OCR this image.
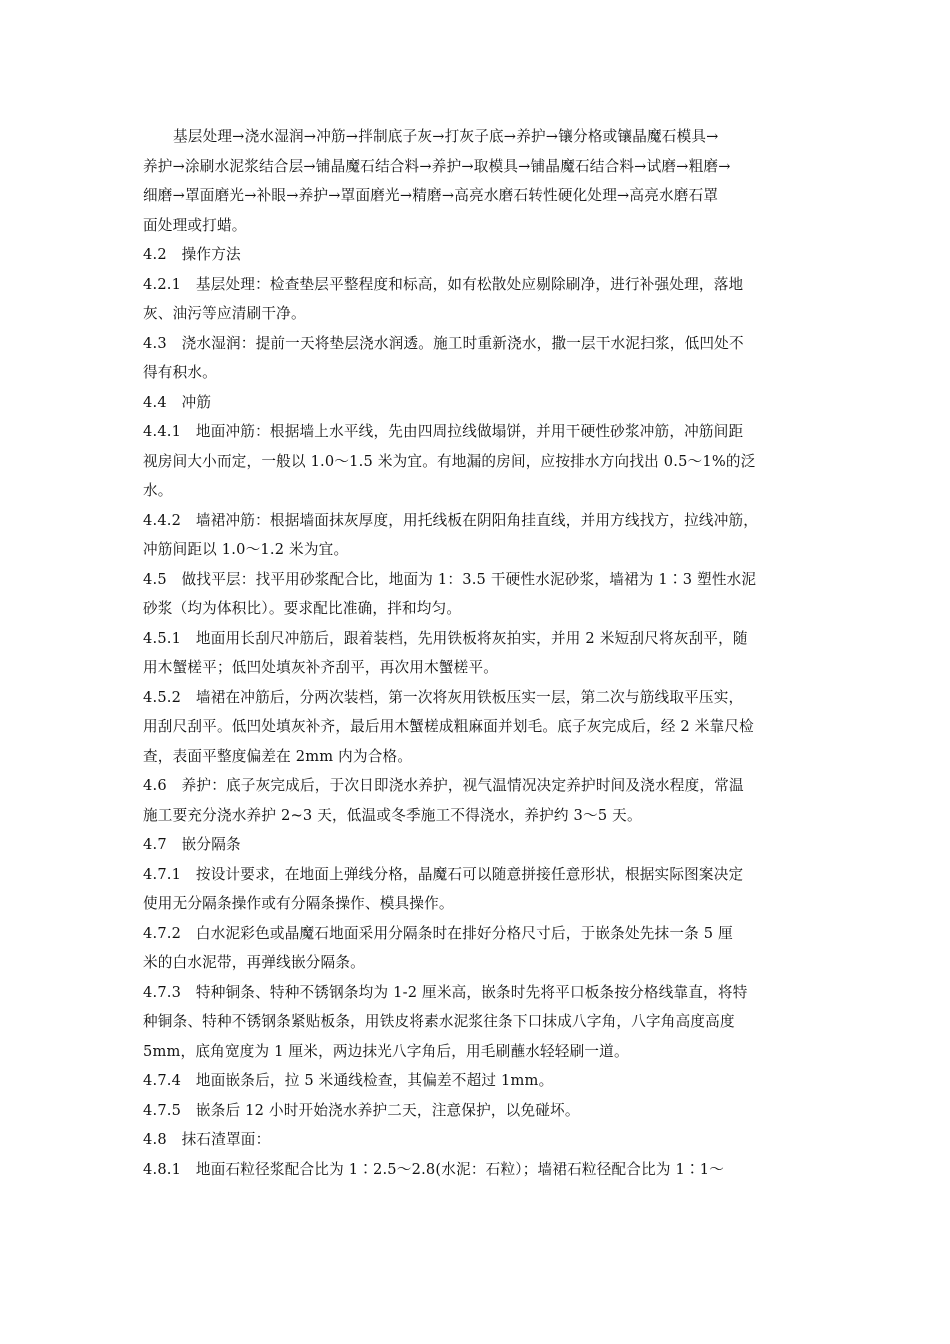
基层处理→浇水湿润→冲筋→拌制底子灰→打灰子底→养护→镶分格或镶晶魔石模具→
养护→涂刷水泥浆结合层→铺晶魔石结合料→养护→取模具→铺晶魔石结合料→试磨→粗磨→
细磨→罩面磨光→补眼→养护→罩面磨光→精磨→高亮水磨石转性硬化处理→高亮水磨石罩
面处理或打蜡。
4.2　操作方法
4.2.1　基层处理：检查垫层平整程度和标高，如有松散处应剔除刷净，进行补强处理，落地
灰、油污等应清刷干净。
4.3　浇水湿润：提前一天将垫层浇水润透。施工时重新浇水，撒一层干水泥扫浆，低凹处不
得有积水。
4.4　冲筋
4.4.1　地面冲筋：根据墙上水平线，先由四周拉线做塌饼，并用干硬性砂浆冲筋，冲筋间距
视房间大小而定，一般以 1.0～1.5 米为宜。有地漏的房间，应按排水方向找出 0.5～1%的泛
水。
4.4.2　墙裙冲筋：根据墙面抹灰厚度，用托线板在阴阳角挂直线，并用方线找方，拉线冲筋，
冲筋间距以 1.0～1.2 米为宜。
4.5　做找平层：找平用砂浆配合比，地面为 1：3.5 干硬性水泥砂浆，墙裙为 1∶3 塑性水泥
砂浆（均为体积比）。要求配比准确，拌和均匀。
4.5.1　地面用长刮尺冲筋后，跟着装档，先用铁板将灰拍实，并用 2 米短刮尺将灰刮平，随
用木蟹槎平；低凹处填灰补齐刮平，再次用木蟹槎平。
4.5.2　墙裙在冲筋后，分两次装档，第一次将灰用铁板压实一层，第二次与筋线取平压实，
用刮尺刮平。低凹处填灰补齐，最后用木蟹槎成粗麻面并划毛。底子灰完成后，经 2 米靠尺检
查，表面平整度偏差在 2mm 内为合格。
4.6　养护：底子灰完成后，于次日即浇水养护，视气温情况决定养护时间及浇水程度，常温
施工要充分浇水养护 2~3 天，低温或冬季施工不得浇水，养护约 3～5 天。
4.7　嵌分隔条
4.7.1　按设计要求，在地面上弹线分格，晶魔石可以随意拼接任意形状，根据实际图案决定
使用无分隔条操作或有分隔条操作、模具操作。
4.7.2　白水泥彩色或晶魔石地面采用分隔条时在排好分格尺寸后，于嵌条处先抹一条 5 厘
米的白水泥带，再弹线嵌分隔条。
4.7.3　特种铜条、特种不锈钢条均为 1-2 厘米高，嵌条时先将平口板条按分格线靠直，将特
种铜条、特种不锈钢条紧贴板条，用铁皮将素水泥浆往条下口抹成八字角，八字角高度高度
5mm，底角宽度为 1 厘米，两边抹光八字角后，用毛刷蘸水轻轻刷一道。
4.7.4　地面嵌条后，拉 5 米通线检查，其偏差不超过 1mm。
4.7.5　嵌条后 12 小时开始浇水养护二天，注意保护，以免碰坏。
4.8　抹石渣罩面：
4.8.1　地面石粒径浆配合比为 1∶2.5～2.8(水泥：石粒）；墙裙石粒径配合比为 1∶1～
